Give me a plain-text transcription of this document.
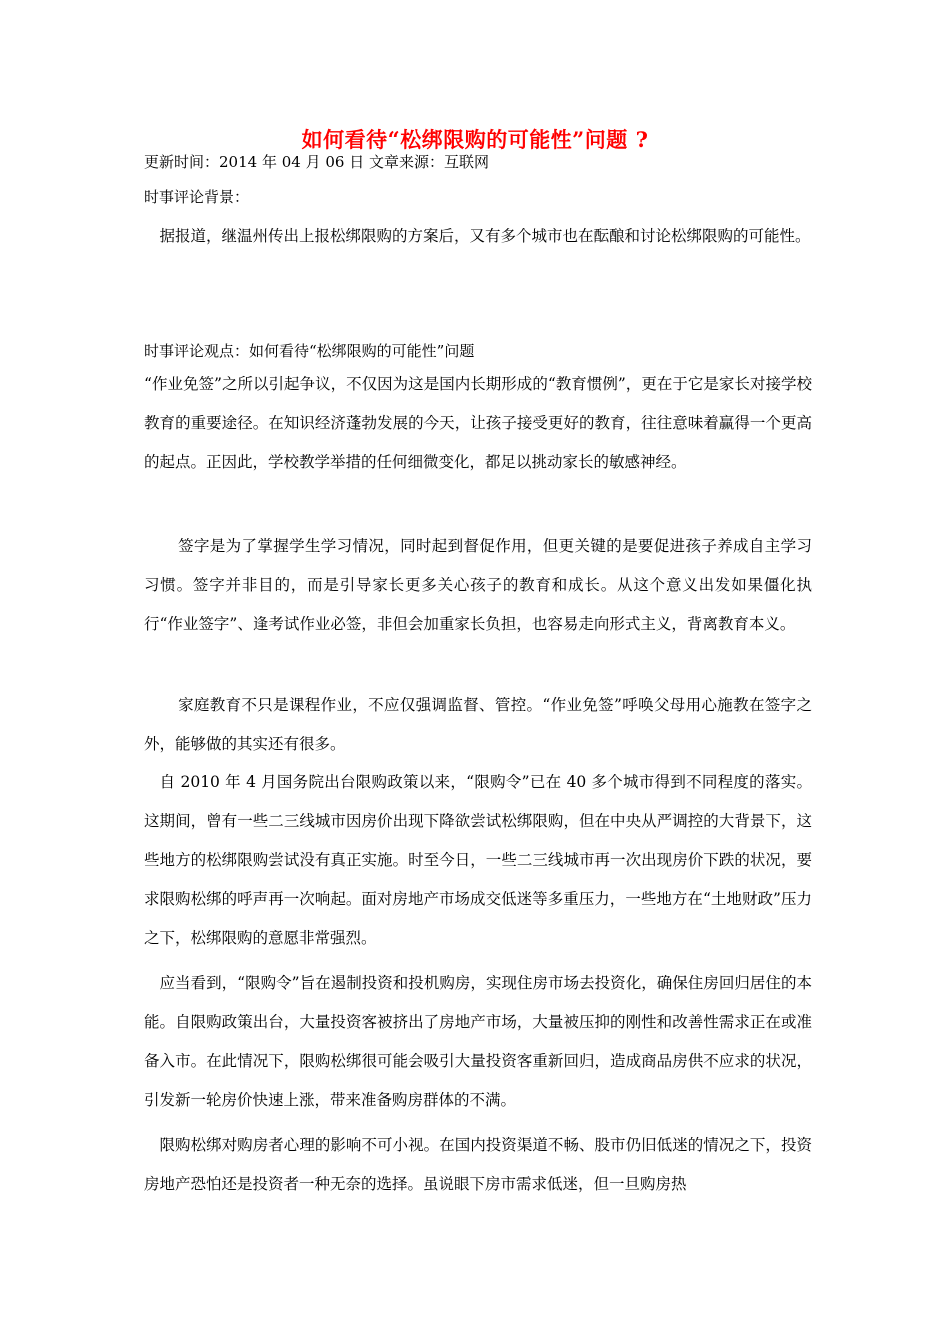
如何看待“松绑限购的可能性”问题 ?
更新时间：2014 年 04 月 06 日 文章来源：互联网
时事评论背景：
据报道，继温州传出上报松绑限购的方案后，又有多个城市也在酝酿和讨论松绑限购的可能性。
时事评论观点：如何看待“松绑限购的可能性”问题
“作业免签”之所以引起争议，不仅因为这是国内长期形成的“教育惯例”，更在于它是家长对接学校教育的重要途径。在知识经济蓬勃发展的今天，让孩子接受更好的教育，往往意味着赢得一个更高的起点。正因此，学校教学举措的任何细微变化，都足以挑动家长的敏感神经。
签字是为了掌握学生学习情况，同时起到督促作用，但更关键的是要促进孩子养成自主学习习惯。签字并非目的，而是引导家长更多关心孩子的教育和成长。从这个意义出发如果僵化执行“作业签字”、逢考试作业必签，非但会加重家长负担，也容易走向形式主义，背离教育本义。
家庭教育不只是课程作业，不应仅强调监督、管控。“作业免签”呼唤父母用心施教在签字之外，能够做的其实还有很多。
自 2010 年 4 月国务院出台限购政策以来，“限购令”已在 40 多个城市得到不同程度的落实。这期间，曾有一些二三线城市因房价出现下降欲尝试松绑限购，但在中央从严调控的大背景下，这些地方的松绑限购尝试没有真正实施。时至今日，一些二三线城市再一次出现房价下跌的状况，要求限购松绑的呼声再一次响起。面对房地产市场成交低迷等多重压力，一些地方在“土地财政”压力之下，松绑限购的意愿非常强烈。
应当看到，“限购令”旨在遏制投资和投机购房，实现住房市场去投资化，确保住房回归居住的本能。自限购政策出台，大量投资客被挤出了房地产市场，大量被压抑的刚性和改善性需求正在或准备入市。在此情况下，限购松绑很可能会吸引大量投资客重新回归，造成商品房供不应求的状况，引发新一轮房价快速上涨，带来准备购房群体的不满。
限购松绑对购房者心理的影响不可小视。在国内投资渠道不畅、股市仍旧低迷的情况之下，投资房地产恐怕还是投资者一种无奈的选择。虽说眼下房市需求低迷，但一旦购房热
